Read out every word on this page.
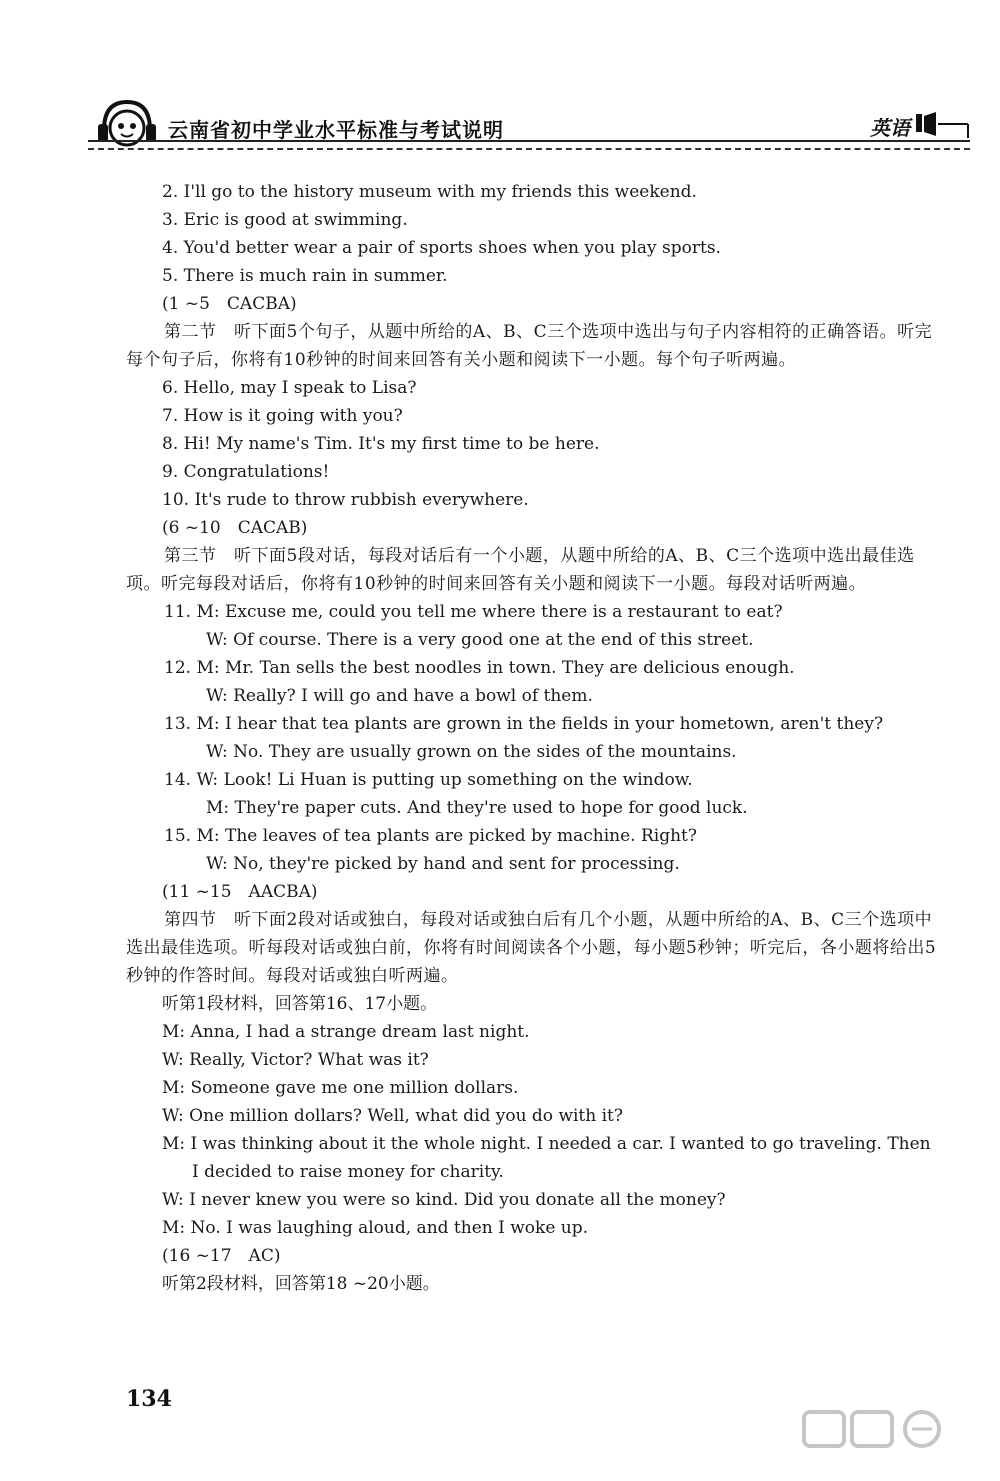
云南省初中学业水平标准与考试说明	英语
2. I'll go to the history museum with my friends this weekend.
3. Eric is good at swimming.
4. You'd better wear a pair of sports shoes when you play sports.
5. There is much rain in summer.
(1 ~5　CACBA)
第二节　听下面5个句子，从题中所给的A、B、C三个选项中选出与句子内容相符的正确答语。听完每个句子后，你将有10秒钟的时间来回答有关小题和阅读下一小题。每个句子听两遍。
6. Hello, may I speak to Lisa?
7. How is it going with you?
8. Hi! My name's Tim. It's my first time to be here.
9. Congratulations!
10. It's rude to throw rubbish everywhere.
(6 ~10　CACAB)
第三节　听下面5段对话，每段对话后有一个小题，从题中所给的A、B、C三个选项中选出最佳选项。听完每段对话后，你将有10秒钟的时间来回答有关小题和阅读下一小题。每段对话听两遍。
11. M: Excuse me, could you tell me where there is a restaurant to eat?
W: Of course. There is a very good one at the end of this street.
12. M: Mr. Tan sells the best noodles in town. They are delicious enough.
W: Really? I will go and have a bowl of them.
13. M: I hear that tea plants are grown in the fields in your hometown, aren't they?
W: No. They are usually grown on the sides of the mountains.
14. W: Look! Li Huan is putting up something on the window.
M: They're paper cuts. And they're used to hope for good luck.
15. M: The leaves of tea plants are picked by machine. Right?
W: No, they're picked by hand and sent for processing.
(11 ~15　AACBA)
第四节　听下面2段对话或独白，每段对话或独白后有几个小题，从题中所给的A、B、C三个选项中选出最佳选项。听每段对话或独白前，你将有时间阅读各个小题，每小题5秒钟；听完后，各小题将给出5秒钟的作答时间。每段对话或独白听两遍。
听第1段材料，回答第16、17小题。
M: Anna, I had a strange dream last night.
W: Really, Victor? What was it?
M: Someone gave me one million dollars.
W: One million dollars? Well, what did you do with it?
M: I was thinking about it the whole night. I needed a car. I wanted to go traveling. Then
I decided to raise money for charity.
W: I never knew you were so kind. Did you donate all the money?
M: No. I was laughing aloud, and then I woke up.
(16 ~17　AC)
听第2段材料，回答第18 ~20小题。
134
